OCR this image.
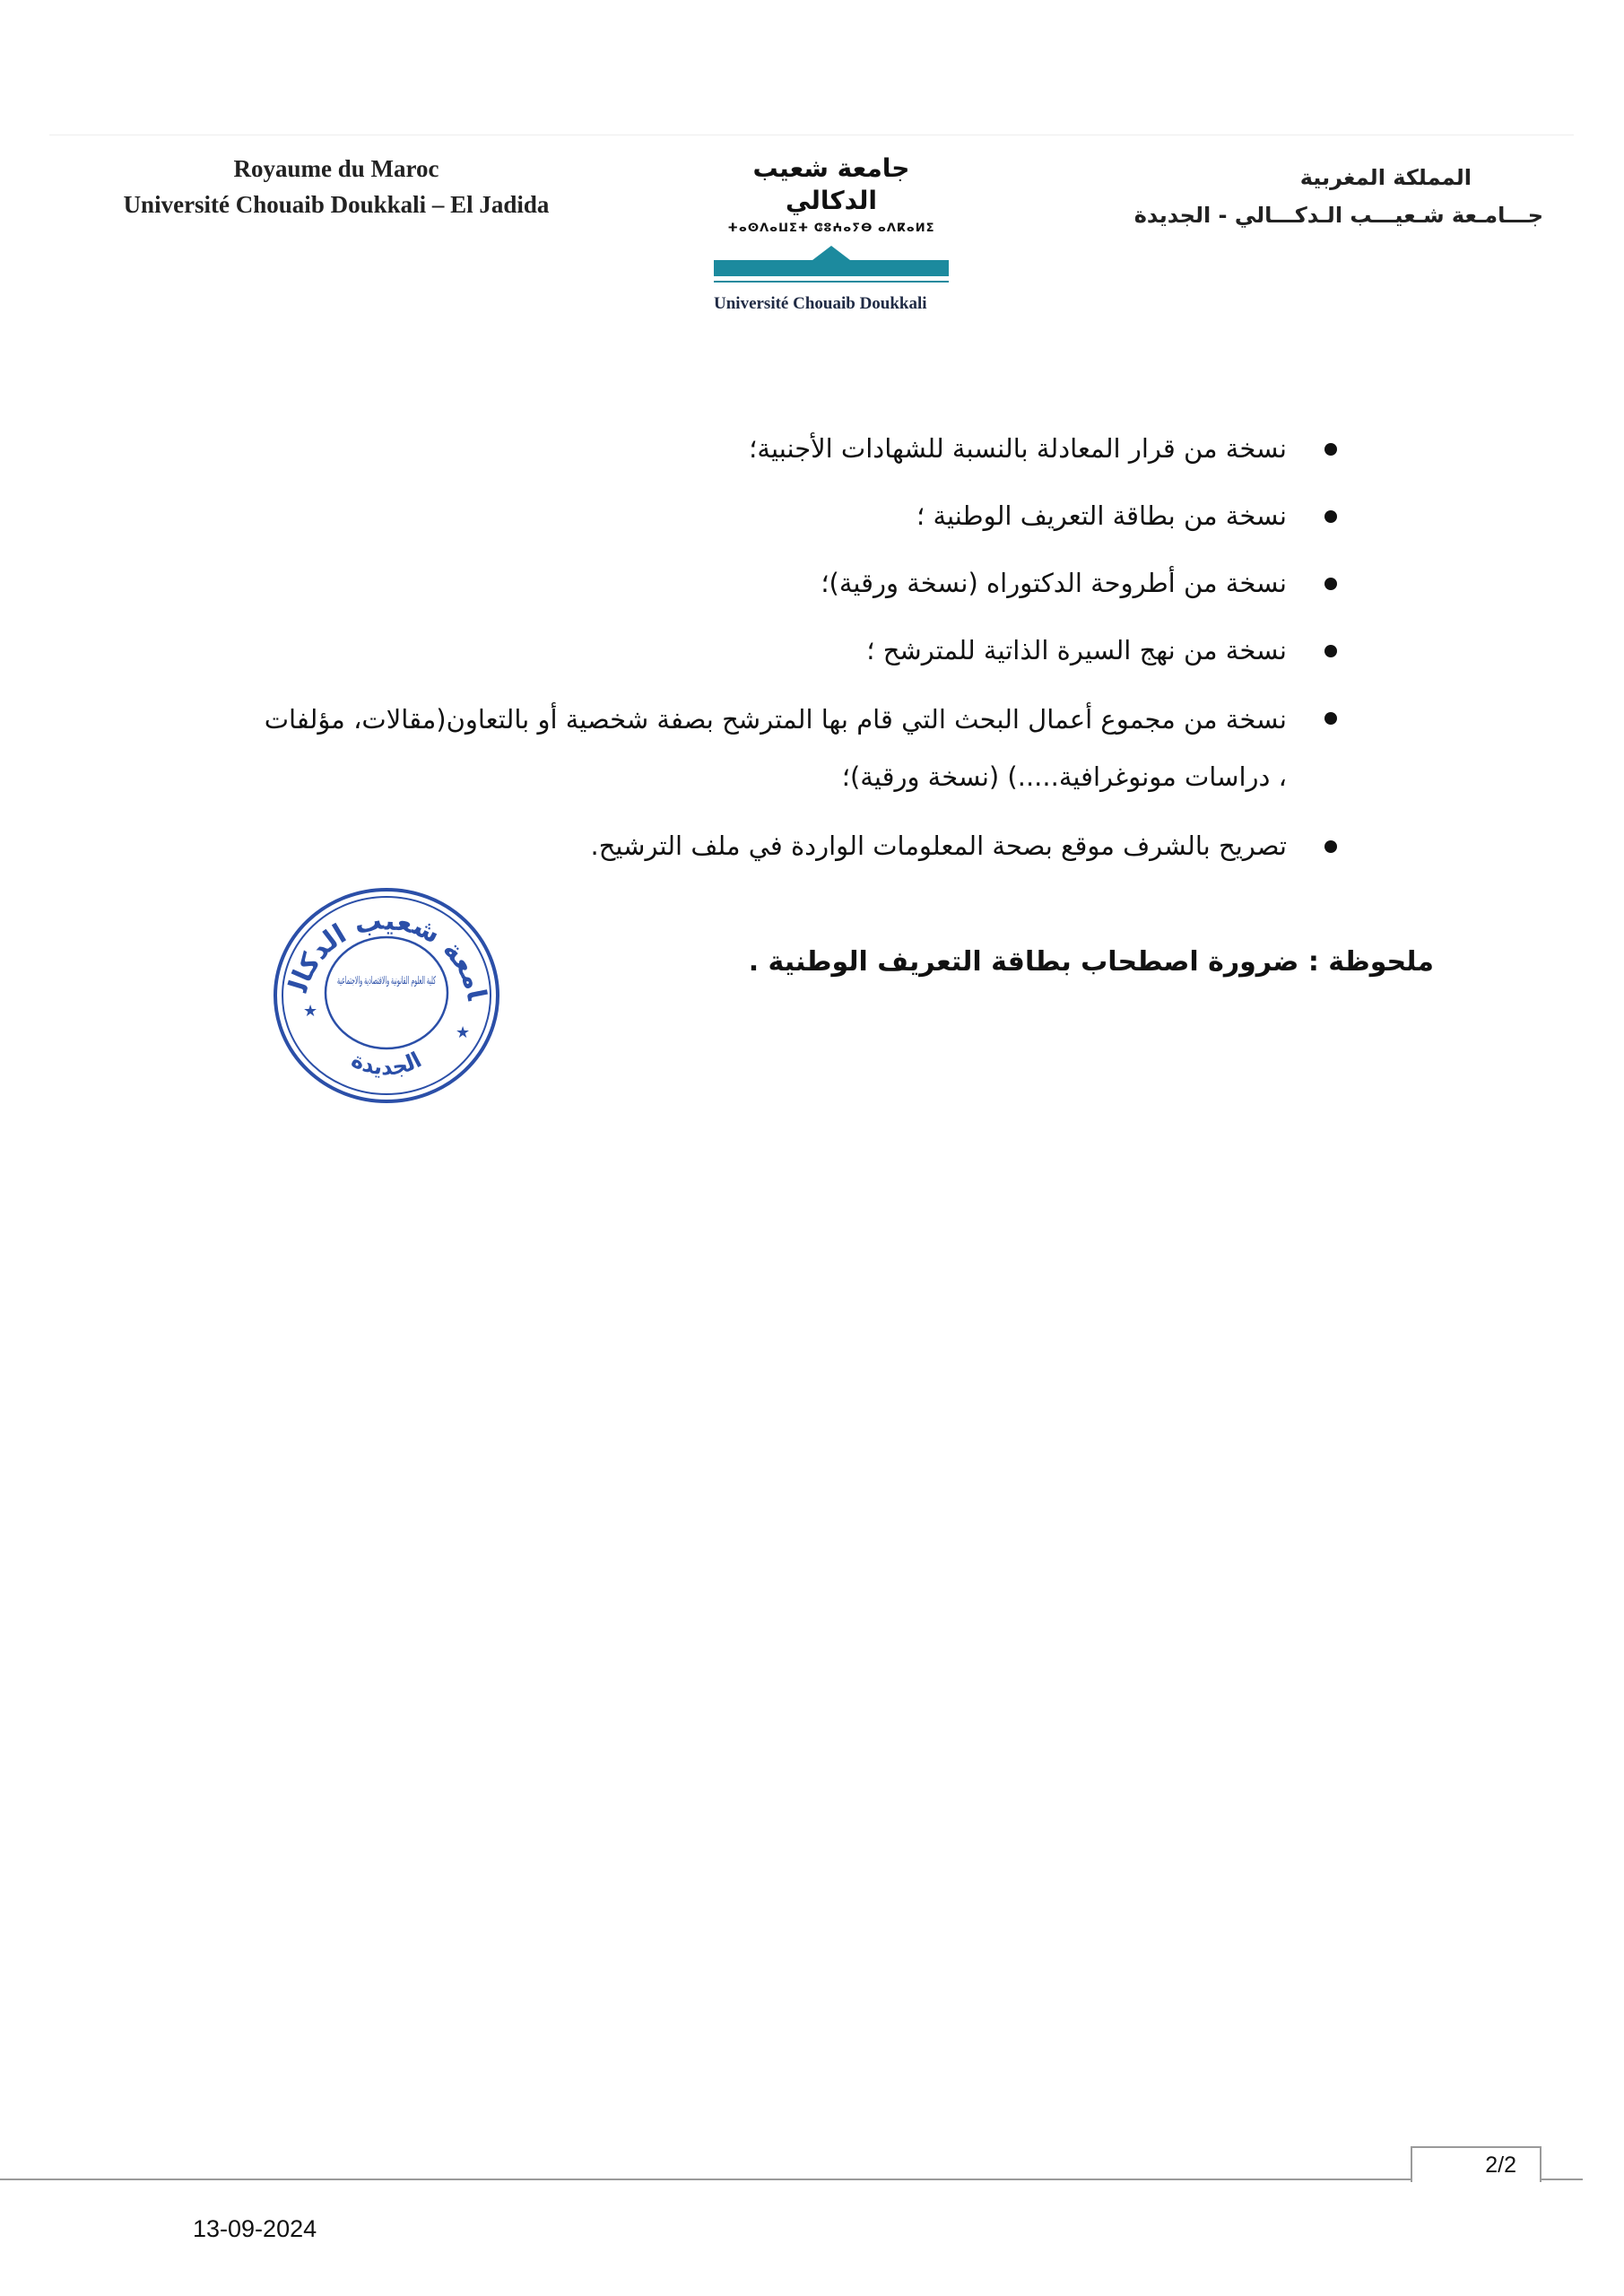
Royaume du Maroc
Université Chouaib Doukkali – El Jadida
جامعة شعيب الدكالي
ⵜⴰⵙⴷⴰⵡⵉⵜ ⵛⵓⵄⴰⵢⴱ ⴰⴷⴽⴰⵍⵉ
Université Chouaib Doukkali
المملكة المغربية
جـــامـعة شـعيـــب الـدكـــالي - الجديدة
نسخة من قرار المعادلة بالنسبة للشهادات الأجنبية؛
نسخة من بطاقة التعريف الوطنية ؛
نسخة من أطروحة الدكتوراه (نسخة ورقية)؛
نسخة من نهج السيرة الذاتية للمترشح ؛
نسخة من مجموع أعمال البحث التي قام بها المترشح بصفة شخصية أو بالتعاون(مقالات، مؤلفات ، دراسات مونوغرافية.....) (نسخة ورقية)؛
تصريح بالشرف موقع بصحة المعلومات الواردة في ملف الترشيح.
امعة شعيب الدكال	علوم القانونية والاقتصادية والاجتماعية
الجديدة
★
★
ملحوظة : ضرورة اصطحاب بطاقة التعريف الوطنية .
2/2
13-09-2024
